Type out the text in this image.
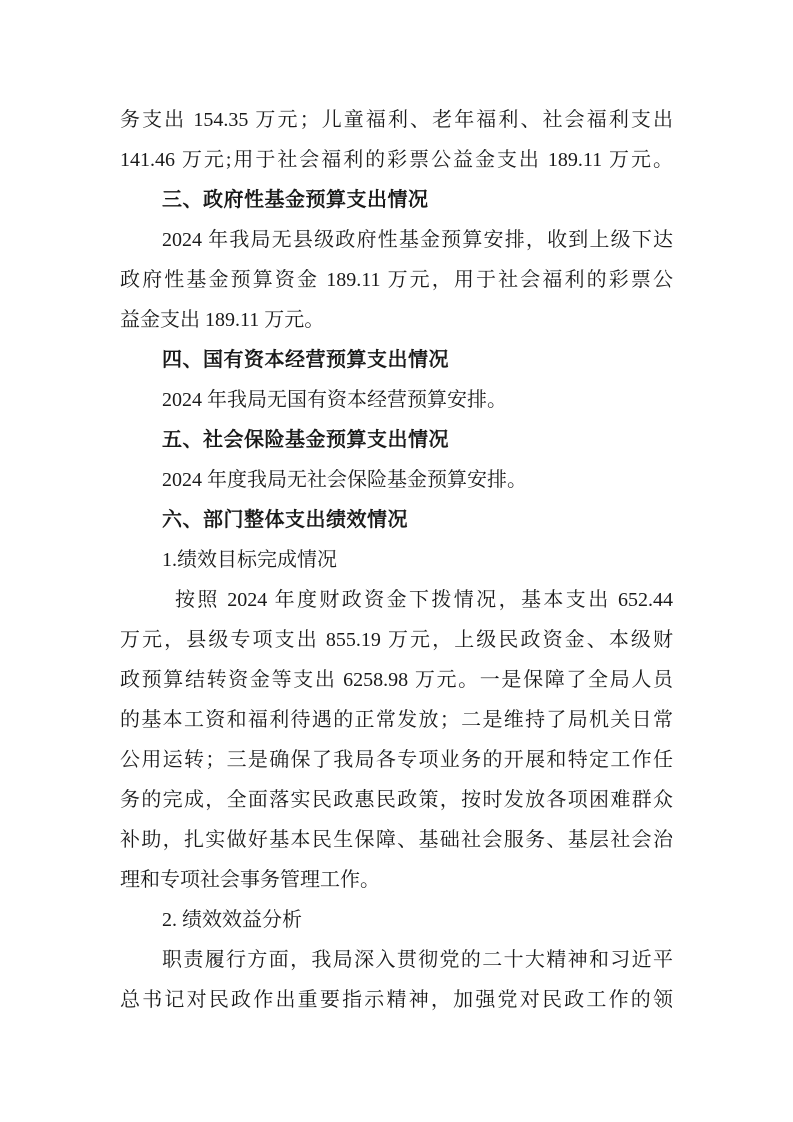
务支出 154.35 万元；儿童福利、老年福利、社会福利支出
141.46 万元;用于社会福利的彩票公益金支出 189.11 万元。
三、政府性基金预算支出情况
2024 年我局无县级政府性基金预算安排，收到上级下达
政府性基金预算资金 189.11 万元，用于社会福利的彩票公
益金支出 189.11 万元。
四、国有资本经营预算支出情况
2024 年我局无国有资本经营预算安排。
五、社会保险基金预算支出情况
2024 年度我局无社会保险基金预算安排。
六、部门整体支出绩效情况
1.绩效目标完成情况
按照 2024 年度财政资金下拨情况，基本支出 652.44
万元，县级专项支出 855.19 万元，上级民政资金、本级财
政预算结转资金等支出 6258.98 万元。一是保障了全局人员
的基本工资和福利待遇的正常发放；二是维持了局机关日常
公用运转；三是确保了我局各专项业务的开展和特定工作任
务的完成，全面落实民政惠民政策，按时发放各项困难群众
补助，扎实做好基本民生保障、基础社会服务、基层社会治
理和专项社会事务管理工作。
2. 绩效效益分析
职责履行方面，我局深入贯彻党的二十大精神和习近平
总书记对民政作出重要指示精神，加强党对民政工作的领
